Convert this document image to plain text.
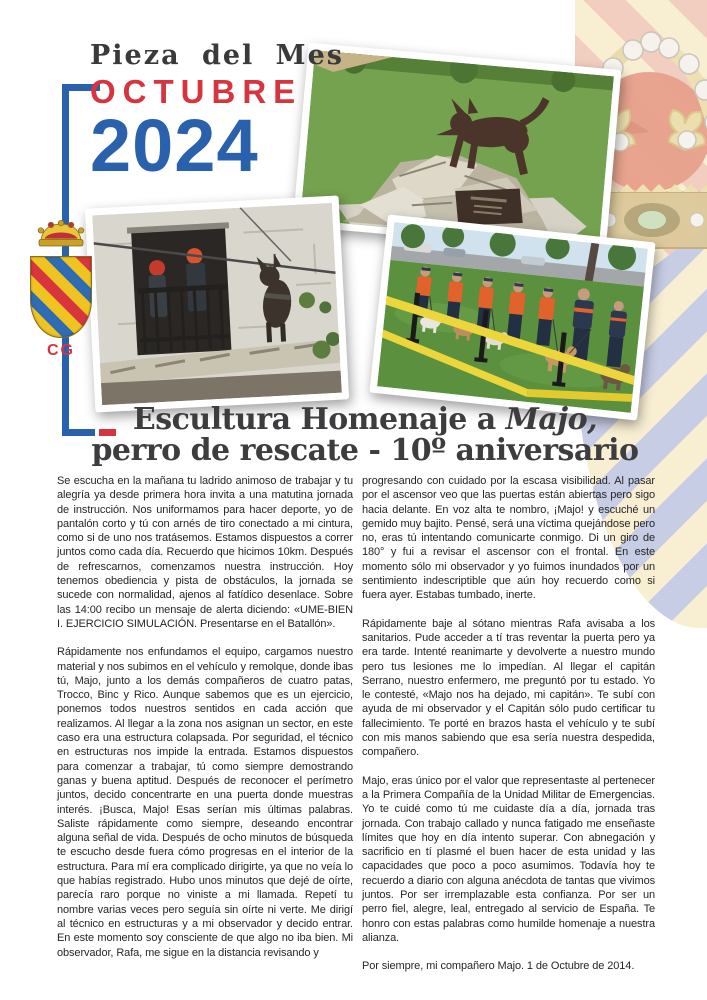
Pieza del Mes
OCTUBRE
2024
CG
Escultura Homenaje a Majo,
perro de rescate - 10º aniversario

Se escucha en la mañana tu ladrido animoso de trabajar y tu alegría ya desde primera hora invita a una matutina jornada de instrucción. Nos uniformamos para hacer deporte, yo de pantalón corto y tú con arnés de tiro conectado a mi cintura, como si de uno nos tratásemos. Estamos dispuestos a correr juntos como cada día. Recuerdo que hicimos 10km. Después de refrescarnos, comenzamos nuestra instrucción. Hoy tenemos obediencia y pista de obstáculos, la jornada se sucede con normalidad, ajenos al fatídico desenlace. Sobre las 14:00 recibo un mensaje de alerta diciendo: «UME-BIEN I. EJERCICIO SIMULACIÓN. Presentarse en el Batallón».

Rápidamente nos enfundamos el equipo, cargamos nuestro material y nos subimos en el vehículo y remolque, donde ibas tú, Majo, junto a los demás compañeros de cuatro patas, Trocco, Binc y Rico. Aunque sabemos que es un ejercicio, ponemos todos nuestros sentidos en cada acción que realizamos. Al llegar a la zona nos asignan un sector, en este caso era una estructura colapsada. Por seguridad, el técnico en estructuras nos impide la entrada. Estamos dispuestos para comenzar a trabajar, tú como siempre demostrando ganas y buena aptitud. Después de reconocer el perímetro juntos, decido concentrarte en una puerta donde muestras interés. ¡Busca, Majo! Esas serían mis últimas palabras. Saliste rápidamente como siempre, deseando encontrar alguna señal de vida. Después de ocho minutos de búsqueda te escucho desde fuera cómo progresas en el interior de la estructura. Para mí era complicado dirigirte, ya que no veía lo que habías registrado. Hubo unos minutos que dejé de oírte, parecía raro porque no viniste a mi llamada. Repetí tu nombre varias veces pero seguía sin oírte ni verte. Me dirigí al técnico en estructuras y a mi observador y decido entrar. En este momento soy consciente de que algo no iba bien. Mi observador, Rafa, me sigue en la distancia revisando y

progresando con cuidado por la escasa visibilidad. Al pasar por el ascensor veo que las puertas están abiertas pero sigo hacia delante. En voz alta te nombro, ¡Majo! y escuché un gemido muy bajito. Pensé, será una víctima quejándose pero no, eras tú intentando comunicarte conmigo. Di un giro de 180° y fui a revisar el ascensor con el frontal. En este momento sólo mi observador y yo fuimos inundados por un sentimiento indescriptible que aún hoy recuerdo como si fuera ayer. Estabas tumbado, inerte.

Rápidamente baje al sótano mientras Rafa avisaba a los sanitarios. Pude acceder a tí tras reventar la puerta pero ya era tarde. Intenté reanimarte y devolverte a nuestro mundo pero tus lesiones me lo impedían. Al llegar el capitán Serrano, nuestro enfermero, me preguntó por tu estado. Yo le contesté, «Majo nos ha dejado, mi capitán». Te subí con ayuda de mi observador y el Capitán sólo pudo certificar tu fallecimiento. Te porté en brazos hasta el vehículo y te subí con mis manos sabiendo que esa sería nuestra despedida, compañero.

Majo, eras único por el valor que representaste al pertenecer a la Primera Compañía de la Unidad Militar de Emergencias. Yo te cuidé como tú me cuidaste día a día, jornada tras jornada. Con trabajo callado y nunca fatigado me enseñaste límites que hoy en día intento superar. Con abnegación y sacrificio en tí plasmé el buen hacer de esta unidad y las capacidades que poco a poco asumimos. Todavía hoy te recuerdo a diario con alguna anécdota de tantas que vivimos juntos. Por ser irremplazable esta confianza. Por ser un perro fiel, alegre, leal, entregado al servicio de España. Te honro con estas palabras como humilde homenaje a nuestra alianza.

Por siempre, mi compañero Majo. 1 de Octubre de 2014.
